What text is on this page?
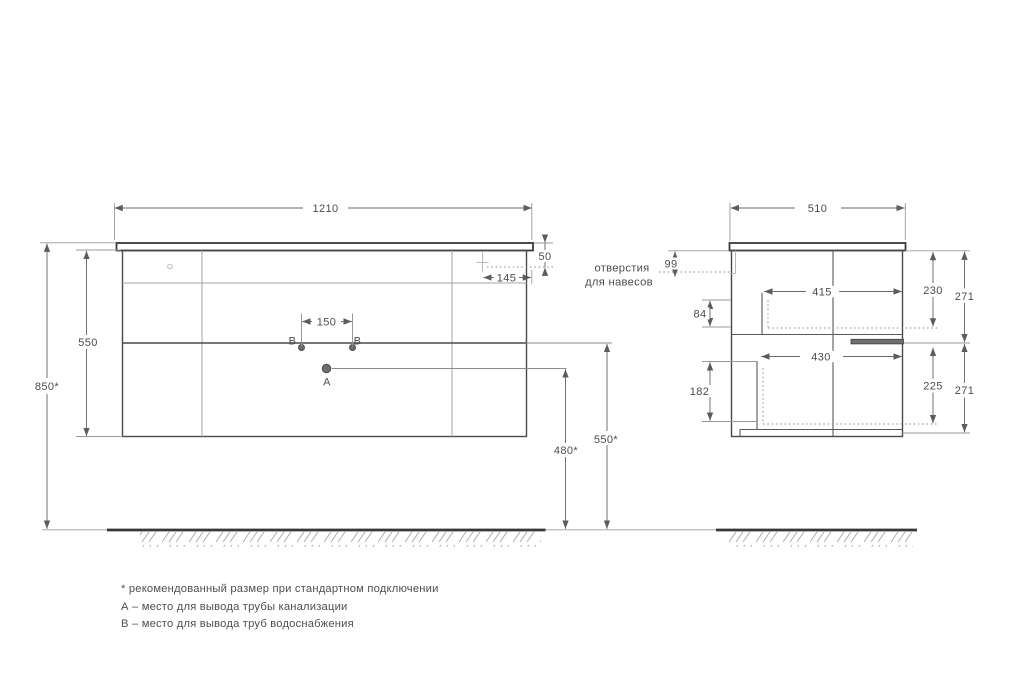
B	B
A
1210
550
850*
50
145
150
480*
550*
510
99
84
182
415
430
230
225
271
271
отверстия
для навесов
* рекомендованный размер при стандартном подключении
А – место для вывода трубы канализации
В – место для вывода труб водоснабжения
